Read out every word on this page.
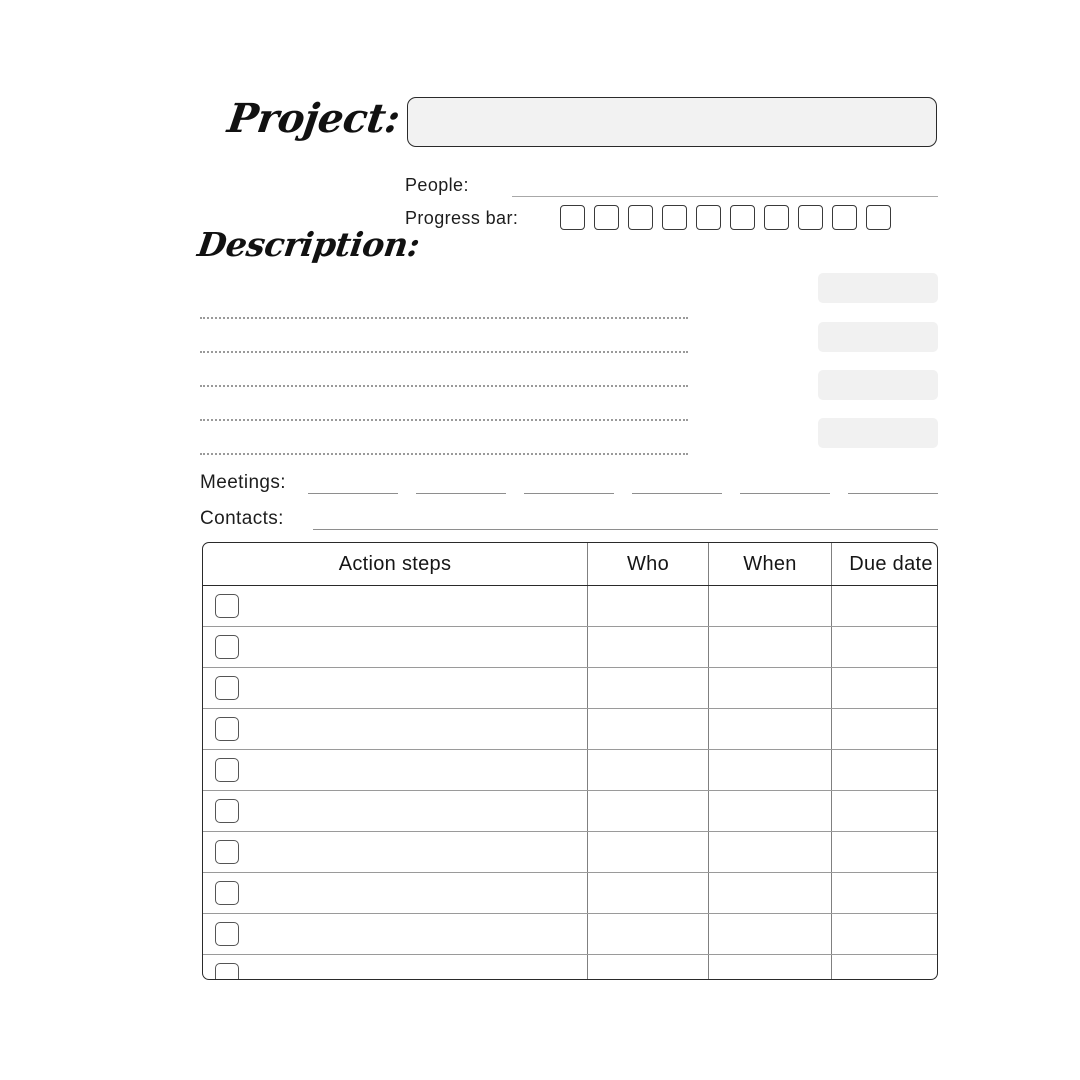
Project:
People:
Progress bar:
Description:
Meetings:
Contacts:
Action steps	Who	When	Due date
